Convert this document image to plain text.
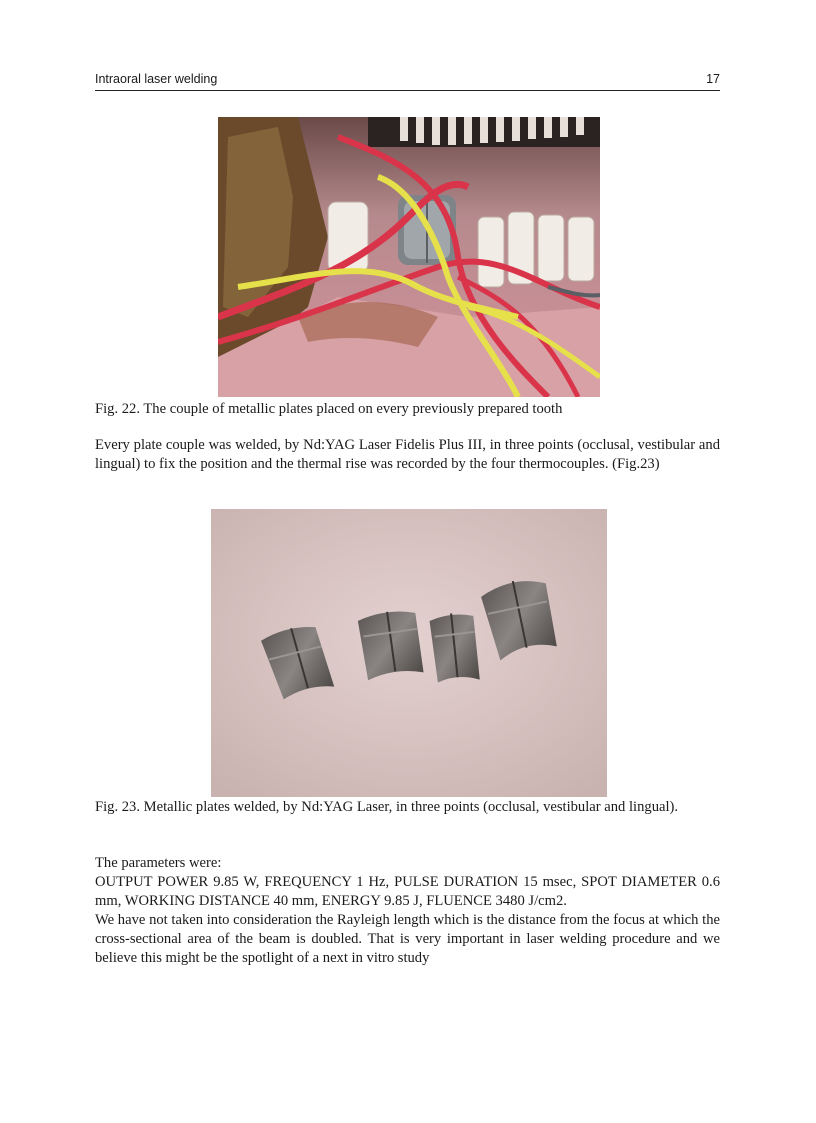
Intraoral laser welding	17

Fig. 22. The couple of metallic plates placed on every previously prepared tooth

Every plate couple was welded, by Nd:YAG Laser Fidelis Plus III, in three points (occlusal, vestibular and lingual) to fix the position and the thermal rise was recorded by the four thermocouples. (Fig.23)

Fig. 23. Metallic plates welded, by Nd:YAG Laser, in three points (occlusal, vestibular and lingual).

The parameters were:
OUTPUT POWER 9.85 W, FREQUENCY 1 Hz, PULSE DURATION 15 msec, SPOT DIAMETER 0.6 mm, WORKING DISTANCE 40 mm, ENERGY 9.85 J, FLUENCE 3480 J/cm2.
We have not taken into consideration the Rayleigh length which is the distance from the focus at which the cross-sectional area of the beam is doubled. That is very important in laser welding procedure and we believe this might be the spotlight of a next in vitro study
